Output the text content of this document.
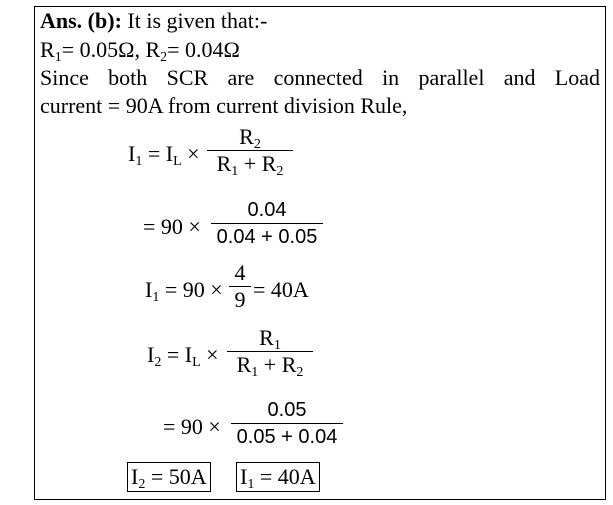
Ans. (b): It is given that:-
$R_1= 0.05\Omega$, $R_2= 0.04\Omega$
Since both SCR are connected in parallel and Load
current = 90A from current division Rule,
$I_1 = I_L$ ×
$R_2$
$R_1 + R_2$
= 90 ×
0.04
0.04 + 0.05
$I_1 = 90$ ×
4
9 = 40A
$I_2 = I_L$ ×
$R_1$
$R_1 + R_2$
= 90 ×
0.05
0.05 + 0.04
$I_2 = 50A$ $I_1 = 40A$
